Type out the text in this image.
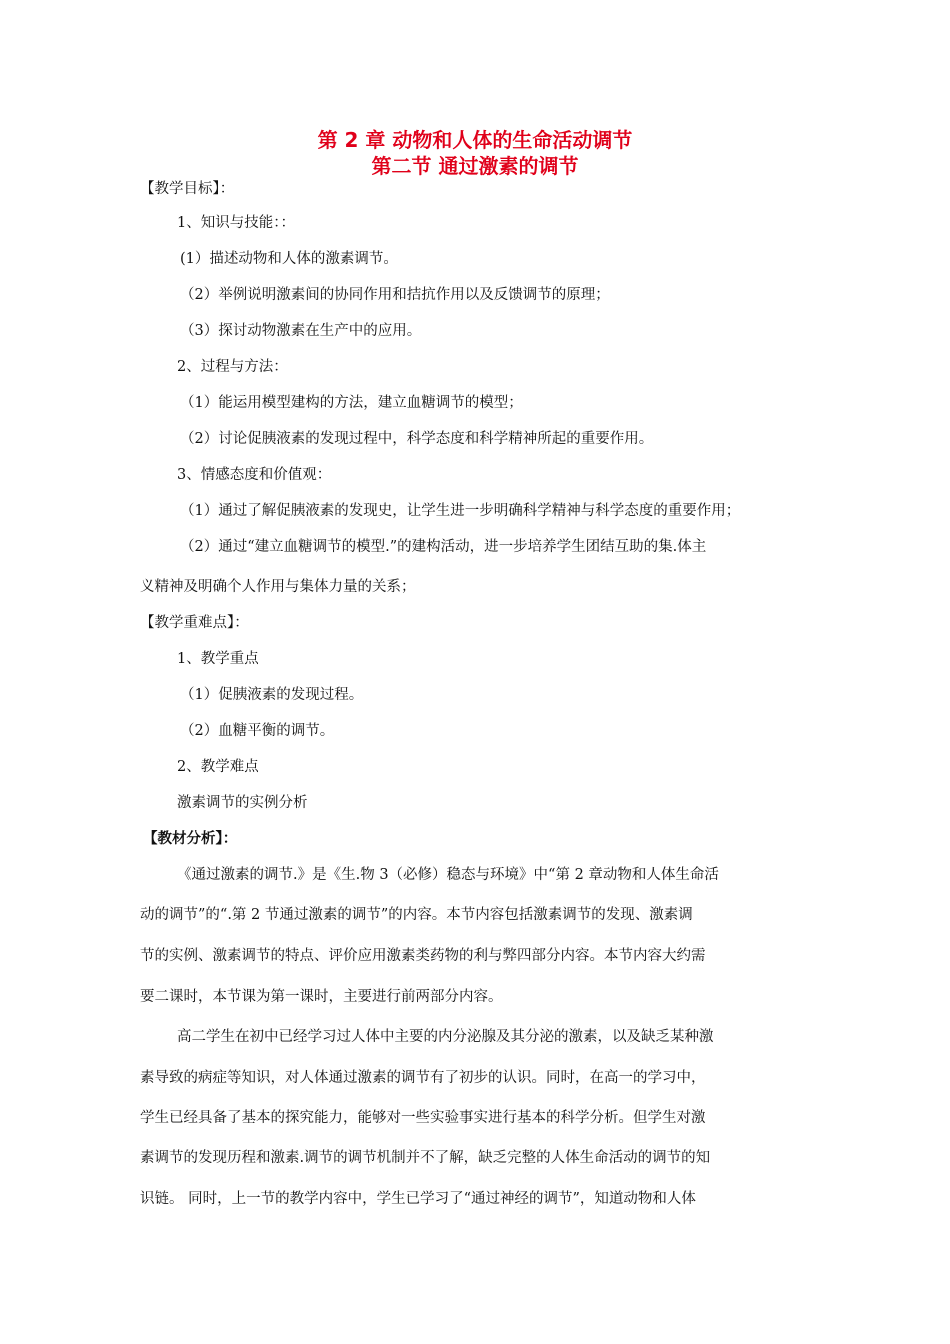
第 2 章 动物和人体的生命活动调节
第二节 通过激素的调节
【教学目标】：
1、知识与技能：：
(1）描述动物和人体的激素调节。
（2）举例说明激素间的协同作用和拮抗作用以及反馈调节的原理；
（3）探讨动物激素在生产中的应用。
2、过程与方法：
（1）能运用模型建构的方法，建立血糖调节的模型；
（2）讨论促胰液素的发现过程中，科学态度和科学精神所起的重要作用。
3、情感态度和价值观：
（1）通过了解促胰液素的发现史，让学生进一步明确科学精神与科学态度的重要作用；
（2）通过“建立血糖调节的模型.”的建构活动，进一步培养学生团结互助的集.体主
义精神及明确个人作用与集体力量的关系；
【教学重难点】：
1、教学重点
（1）促胰液素的发现过程。
（2）血糖平衡的调节。
2、教学难点
激素调节的实例分析
【教材分析】：
《通过激素的调节.》是《生.物 3（必修）稳态与环境》中“第 2 章动物和人体生命活
动的调节”的“.第 2 节通过激素的调节”的内容。本节内容包括激素调节的发现、激素调
节的实例、激素调节的特点、评价应用激素类药物的利与弊四部分内容。本节内容大约需
要二课时，本节课为第一课时，主要进行前两部分内容。
高二学生在初中已经学习过人体中主要的内分泌腺及其分泌的激素，以及缺乏某种激
素导致的病症等知识，对人体通过激素的调节有了初步的认识。同时，在高一的学习中，
学生已经具备了基本的探究能力，能够对一些实验事实进行基本的科学分析。但学生对激
素调节的发现历程和激素.调节的调节机制并不了解，缺乏完整的人体生命活动的调节的知
识链。 同时，上一节的教学内容中，学生已学习了“通过神经的调节”，知道动物和人体
